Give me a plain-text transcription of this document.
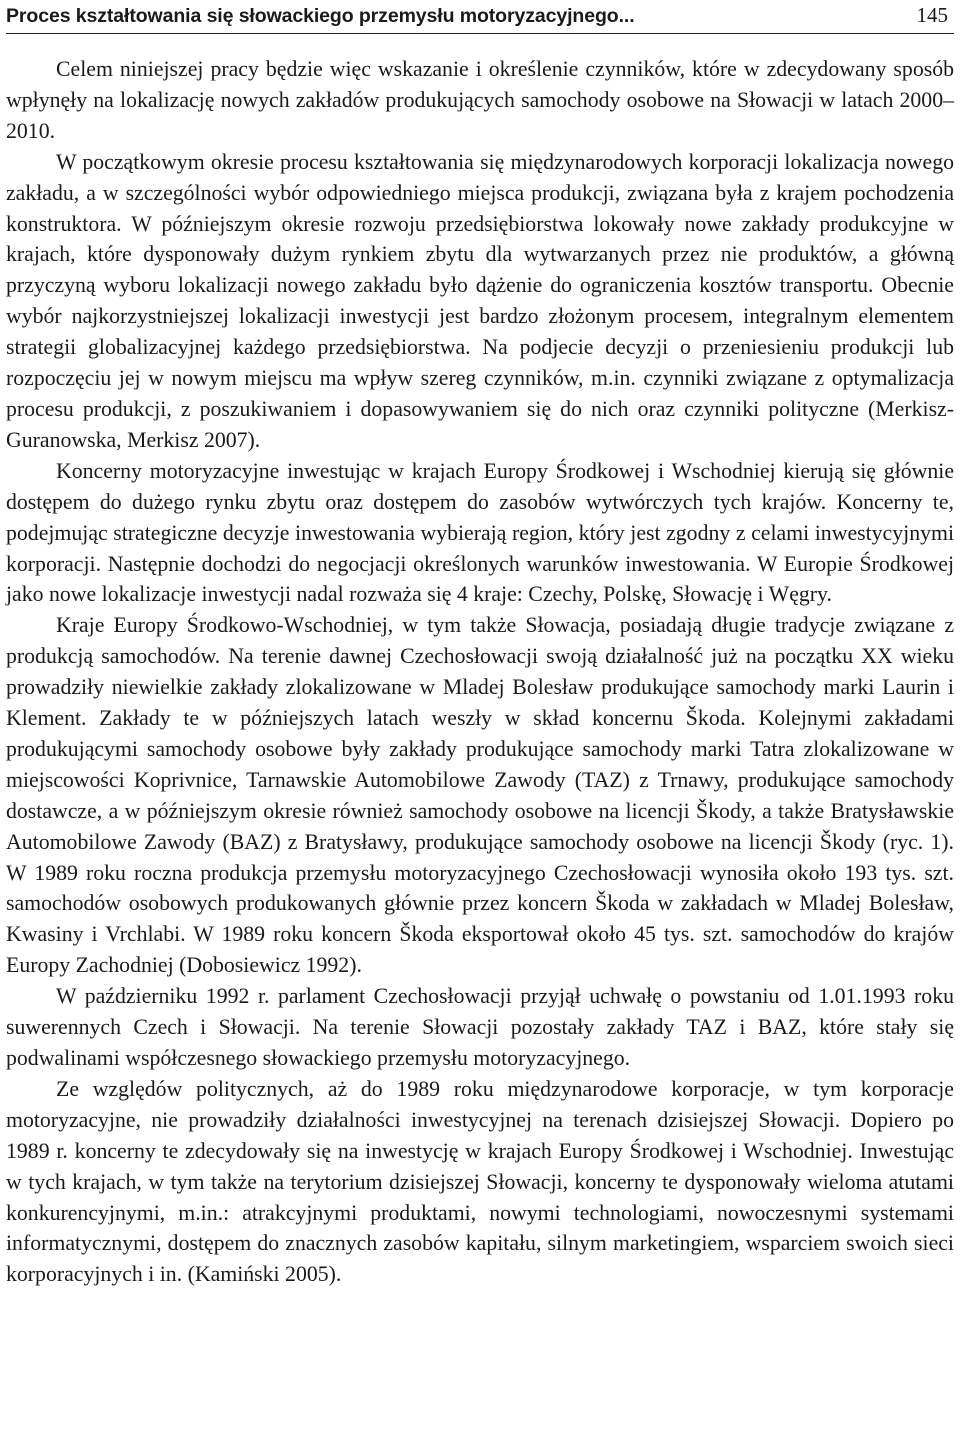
Proces kształtowania się słowackiego przemysłu motoryzacyjnego...	145

Celem niniejszej pracy będzie więc wskazanie i określenie czynników, które w zdecydowany sposób wpłynęły na lokalizację nowych zakładów produkujących samochody osobowe na Słowacji w latach 2000–2010.

W początkowym okresie procesu kształtowania się międzynarodowych korporacji lokalizacja nowego zakładu, a w szczególności wybór odpowiedniego miejsca produkcji, związana była z krajem pochodzenia konstruktora. W późniejszym okresie rozwoju przedsiębiorstwa lokowały nowe zakłady produkcyjne w krajach, które dysponowały dużym rynkiem zbytu dla wytwarzanych przez nie produktów, a główną przyczyną wyboru lokalizacji nowego zakładu było dążenie do ograniczenia kosztów transportu. Obecnie wybór najkorzystniejszej lokalizacji inwestycji jest bardzo złożonym procesem, integralnym elementem strategii globalizacyjnej każdego przedsiębiorstwa. Na podjecie decyzji o przeniesieniu produkcji lub rozpoczęciu jej w nowym miejscu ma wpływ szereg czynników, m.in. czynniki związane z optymalizacja procesu produkcji, z poszukiwaniem i dopasowywaniem się do nich oraz czynniki polityczne (Merkisz-Guranowska, Merkisz 2007).

Koncerny motoryzacyjne inwestując w krajach Europy Środkowej i Wschodniej kierują się głównie dostępem do dużego rynku zbytu oraz dostępem do zasobów wytwórczych tych krajów. Koncerny te, podejmując strategiczne decyzje inwestowania wybierają region, który jest zgodny z celami inwestycyjnymi korporacji. Następnie dochodzi do negocjacji określonych warunków inwestowania. W Europie Środkowej jako nowe lokalizacje inwestycji nadal rozważa się 4 kraje: Czechy, Polskę, Słowację i Węgry.

Kraje Europy Środkowo-Wschodniej, w tym także Słowacja, posiadają długie tradycje związane z produkcją samochodów. Na terenie dawnej Czechosłowacji swoją działalność już na początku XX wieku prowadziły niewielkie zakłady zlokalizowane w Mladej Bolesław produkujące samochody marki Laurin i Klement. Zakłady te w późniejszych latach weszły w skład koncernu Škoda. Kolejnymi zakładami produkującymi samochody osobowe były zakłady produkujące samochody marki Tatra zlokalizowane w miejscowości Koprivnice, Tarnawskie Automobilowe Zawody (TAZ) z Trnawy, produkujące samochody dostawcze, a w późniejszym okresie również samochody osobowe na licencji Škody, a także Bratysławskie Automobilowe Zawody (BAZ) z Bratysławy, produkujące samochody osobowe na licencji Škody (ryc. 1). W 1989 roku roczna produkcja przemysłu motoryzacyjnego Czechosłowacji wynosiła około 193 tys. szt. samochodów osobowych produkowanych głównie przez koncern Škoda w zakładach w Mladej Bolesław, Kwasiny i Vrchlabi. W 1989 roku koncern Škoda eksportował około 45 tys. szt. samochodów do krajów Europy Zachodniej (Dobosiewicz 1992).

W październiku 1992 r. parlament Czechosłowacji przyjął uchwałę o powstaniu od 1.01.1993 roku suwerennych Czech i Słowacji. Na terenie Słowacji pozostały zakłady TAZ i BAZ, które stały się podwalinami współczesnego słowackiego przemysłu motoryzacyjnego.

Ze względów politycznych, aż do 1989 roku międzynarodowe korporacje, w tym korporacje motoryzacyjne, nie prowadziły działalności inwestycyjnej na terenach dzisiejszej Słowacji. Dopiero po 1989 r. koncerny te zdecydowały się na inwestycję w krajach Europy Środkowej i Wschodniej. Inwestując w tych krajach, w tym także na terytorium dzisiejszej Słowacji, koncerny te dysponowały wieloma atutami konkurencyjnymi, m.in.: atrakcyjnymi produktami, nowymi technologiami, nowoczesnymi systemami informatycznymi, dostępem do znacznych zasobów kapitału, silnym marketingiem, wsparciem swoich sieci korporacyjnych i in. (Kamiński 2005).
